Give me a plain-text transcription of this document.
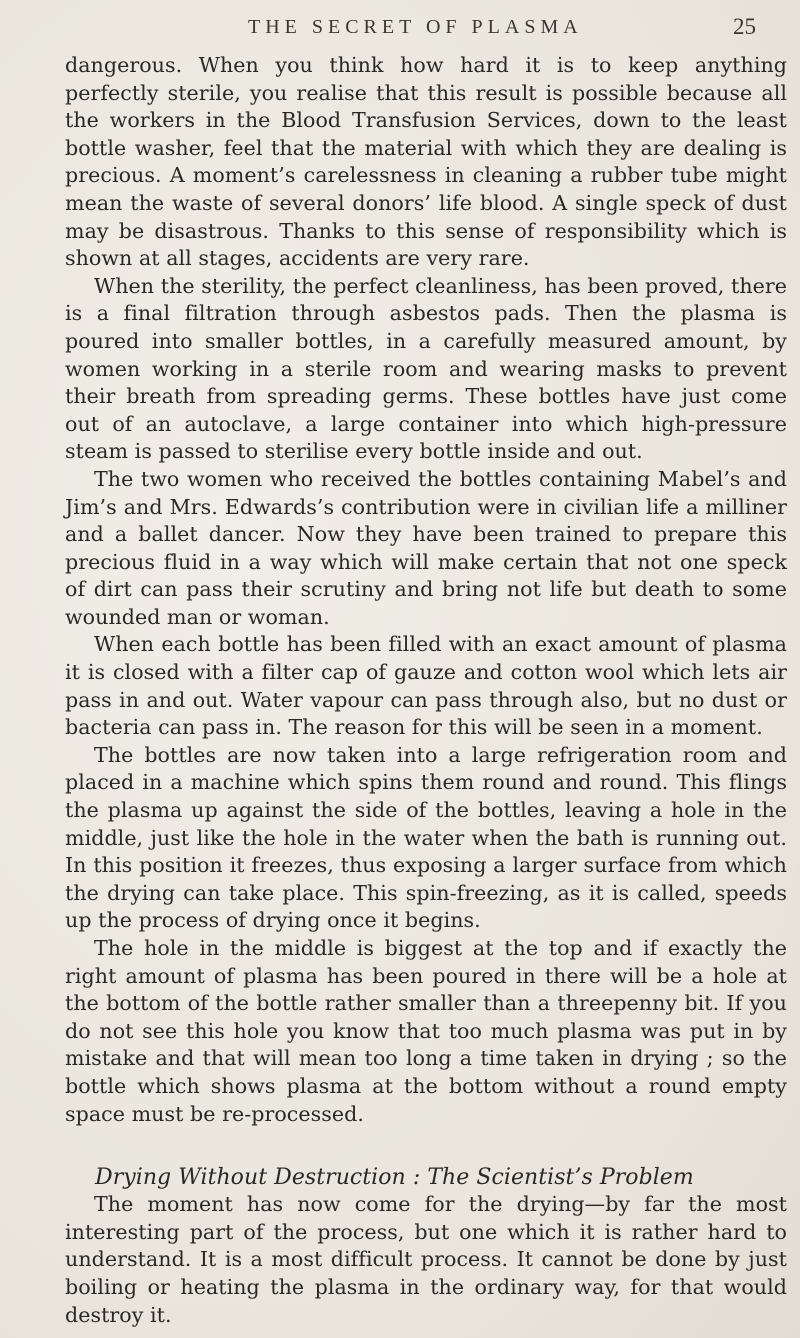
THE SECRET OF PLASMA	25

dangerous. When you think how hard it is to keep anything perfectly sterile, you realise that this result is possible because all the workers in the Blood Transfusion Services, down to the least bottle washer, feel that the material with which they are dealing is precious. A moment’s carelessness in cleaning a rubber tube might mean the waste of several donors’ life blood. A single speck of dust may be disastrous. Thanks to this sense of responsibility which is shown at all stages, accidents are very rare.

When the sterility, the perfect cleanliness, has been proved, there is a final filtration through asbestos pads. Then the plasma is poured into smaller bottles, in a carefully measured amount, by women working in a sterile room and wearing masks to prevent their breath from spreading germs. These bottles have just come out of an autoclave, a large container into which high-pressure steam is passed to sterilise every bottle inside and out.

The two women who received the bottles containing Mabel’s and Jim’s and Mrs. Edwards’s contribution were in civilian life a milliner and a ballet dancer. Now they have been trained to prepare this precious fluid in a way which will make certain that not one speck of dirt can pass their scrutiny and bring not life but death to some wounded man or woman.

When each bottle has been filled with an exact amount of plasma it is closed with a filter cap of gauze and cotton wool which lets air pass in and out. Water vapour can pass through also, but no dust or bacteria can pass in. The reason for this will be seen in a moment.

The bottles are now taken into a large refrigeration room and placed in a machine which spins them round and round. This flings the plasma up against the side of the bottles, leaving a hole in the middle, just like the hole in the water when the bath is running out. In this position it freezes, thus exposing a larger surface from which the drying can take place. This spin-freezing, as it is called, speeds up the process of drying once it begins.

The hole in the middle is biggest at the top and if exactly the right amount of plasma has been poured in there will be a hole at the bottom of the bottle rather smaller than a threepenny bit. If you do not see this hole you know that too much plasma was put in by mistake and that will mean too long a time taken in drying ; so the bottle which shows plasma at the bottom without a round empty space must be re-processed.

Drying Without Destruction : The Scientist’s Problem

The moment has now come for the drying—by far the most interesting part of the process, but one which it is rather hard to understand. It is a most difficult process. It cannot be done by just boiling or heating the plasma in the ordinary way, for that would destroy it.
